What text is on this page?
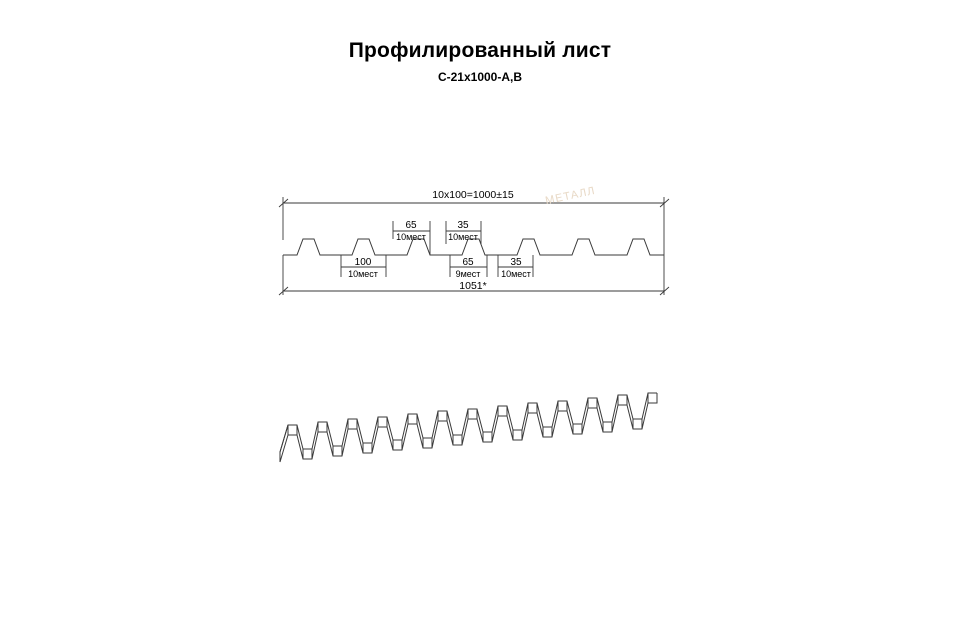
Профилированный лист
С-21х1000-A,B
10х100=1000±15
65
10мест
35
10мест
100
10мест
65
9мест
35
10мест
1051*
МЕТАЛЛ
